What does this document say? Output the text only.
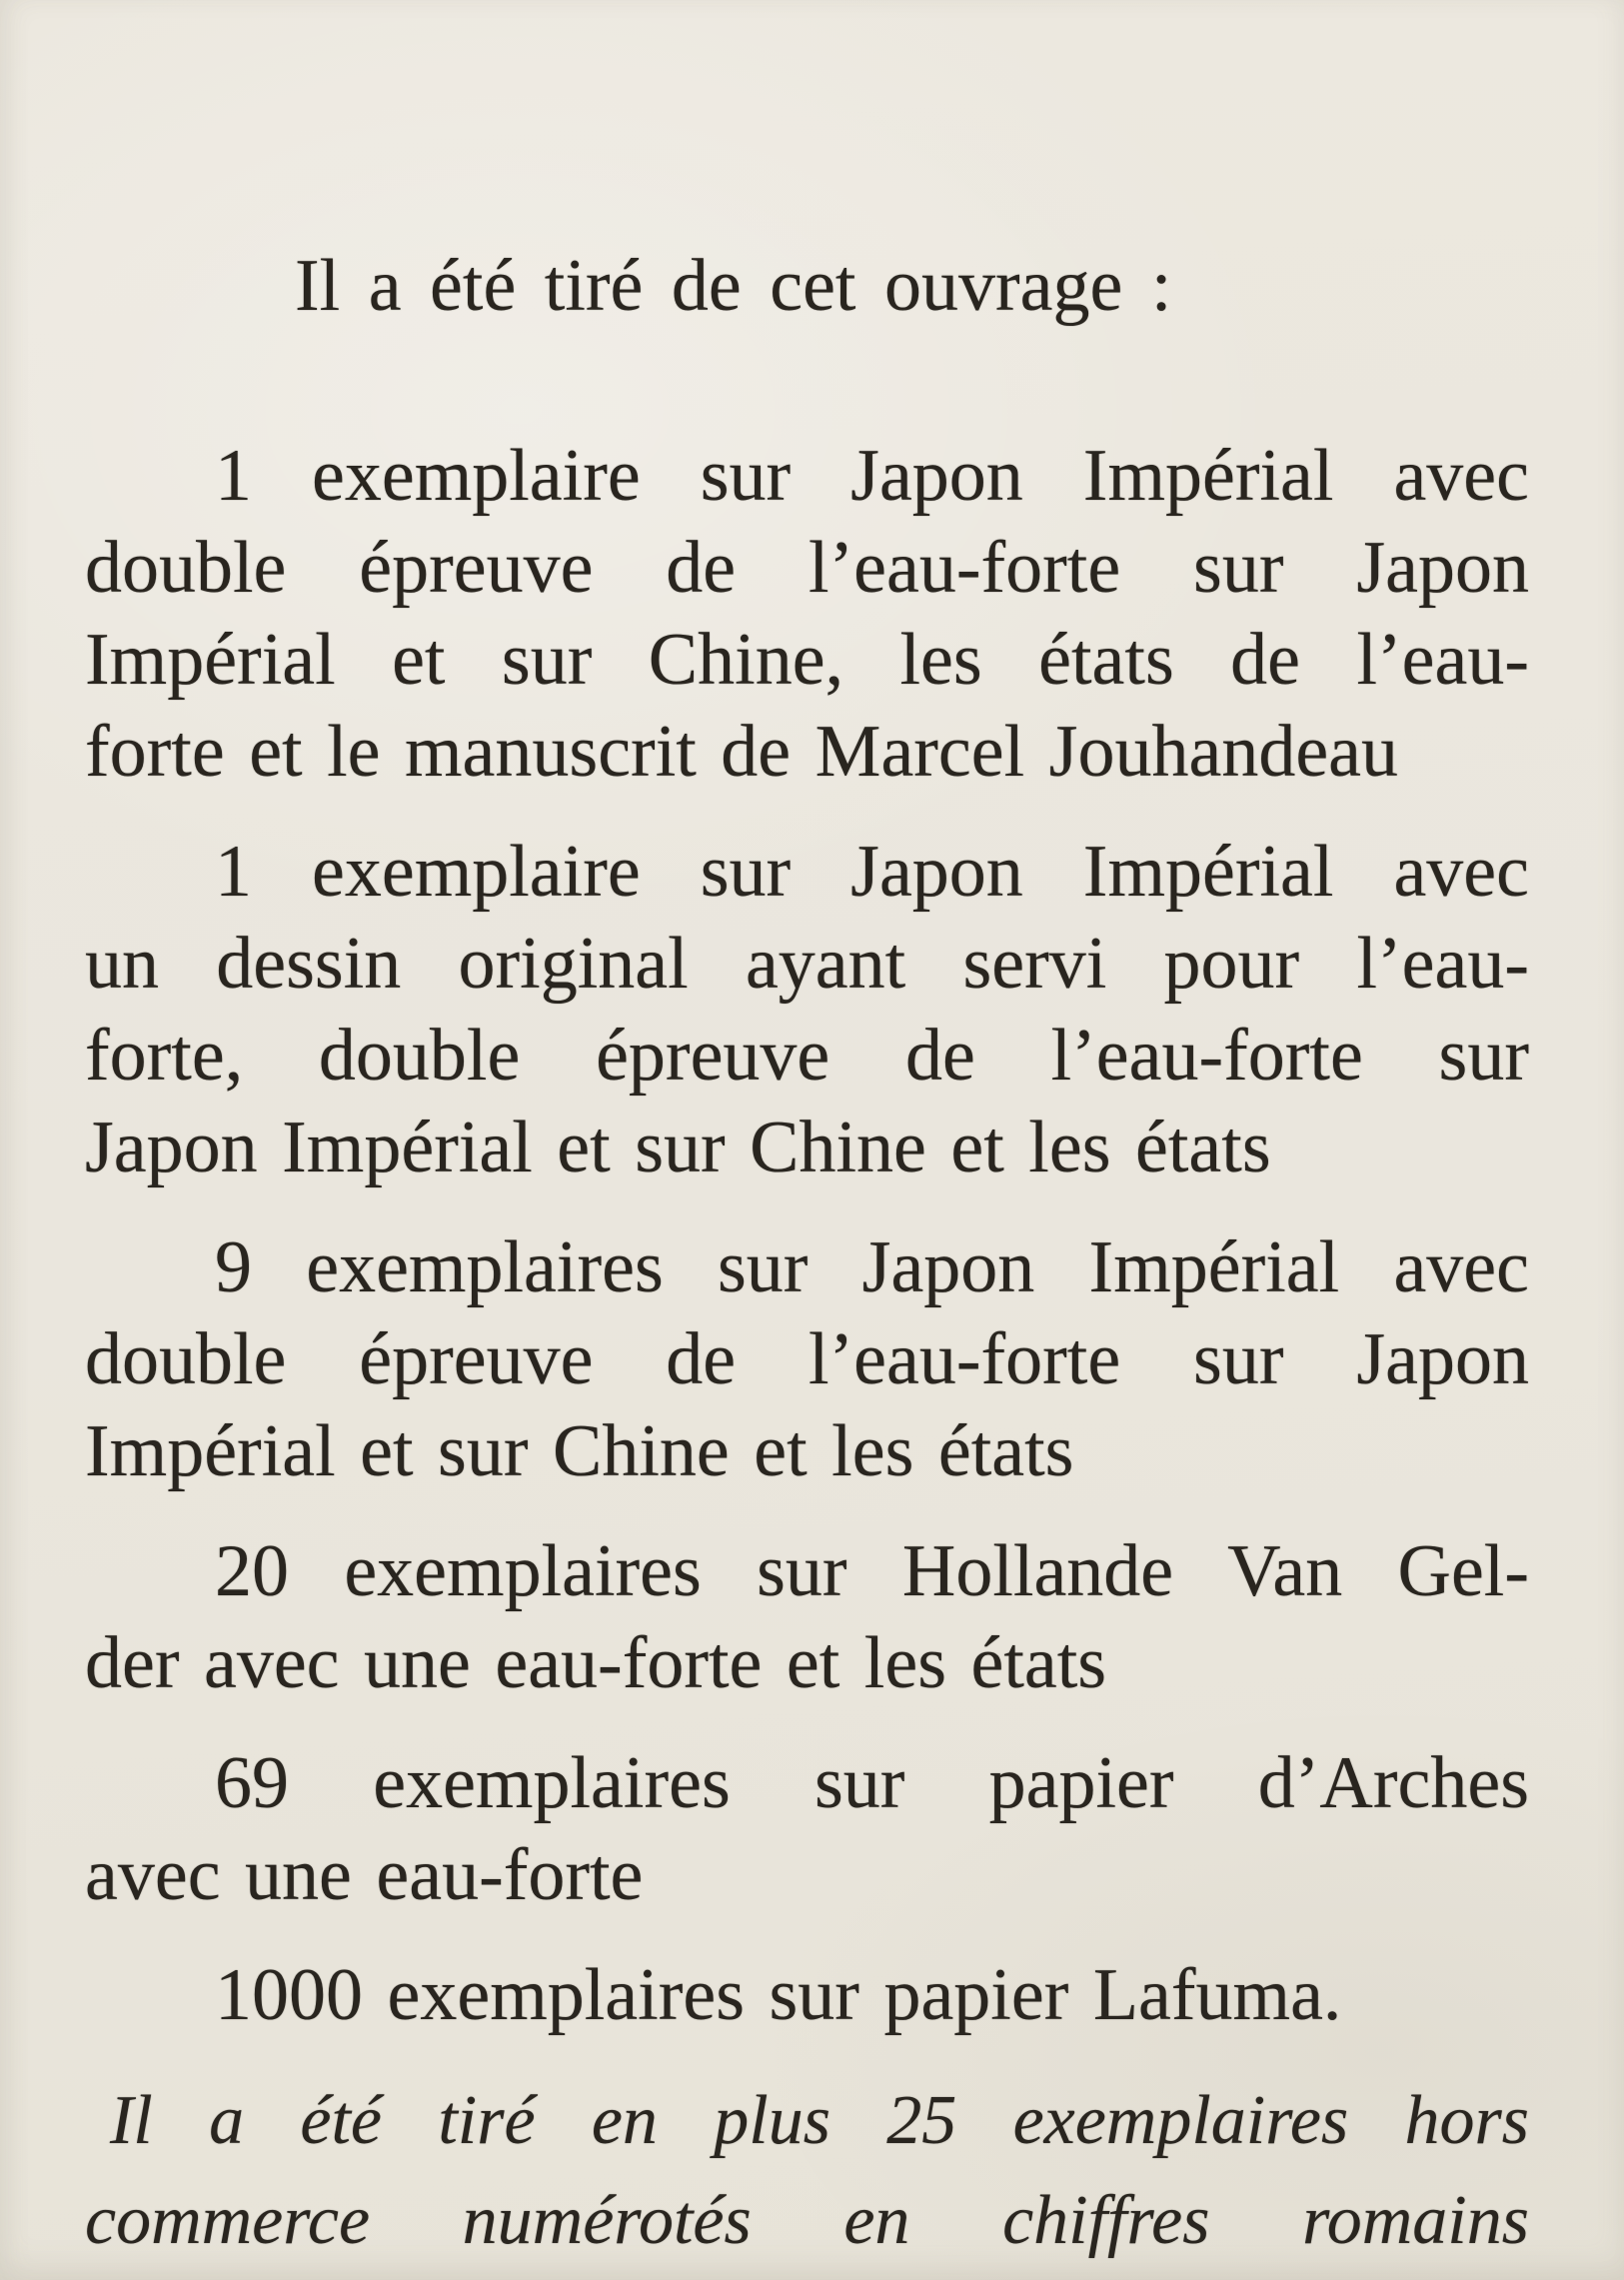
Il a été tiré de cet ouvrage :
1 exemplaire sur Japon Impérial avec
double épreuve de l’eau-forte sur Japon
Impérial et sur Chine, les états de l’eau-
forte et le manuscrit de Marcel Jouhandeau
1 exemplaire sur Japon Impérial avec
un dessin original ayant servi pour l’eau-
forte, double épreuve de l’eau-forte sur
Japon Impérial et sur Chine et les états
9 exemplaires sur Japon Impérial avec
double épreuve de l’eau-forte sur Japon
Impérial et sur Chine et les états
20 exemplaires sur Hollande Van Gel-
der avec une eau-forte et les états
69 exemplaires sur papier d’Arches
avec une eau-forte
1000 exemplaires sur papier Lafuma.
Il a été tiré en plus 25 exemplaires hors
commerce numérotés en chiffres romains
